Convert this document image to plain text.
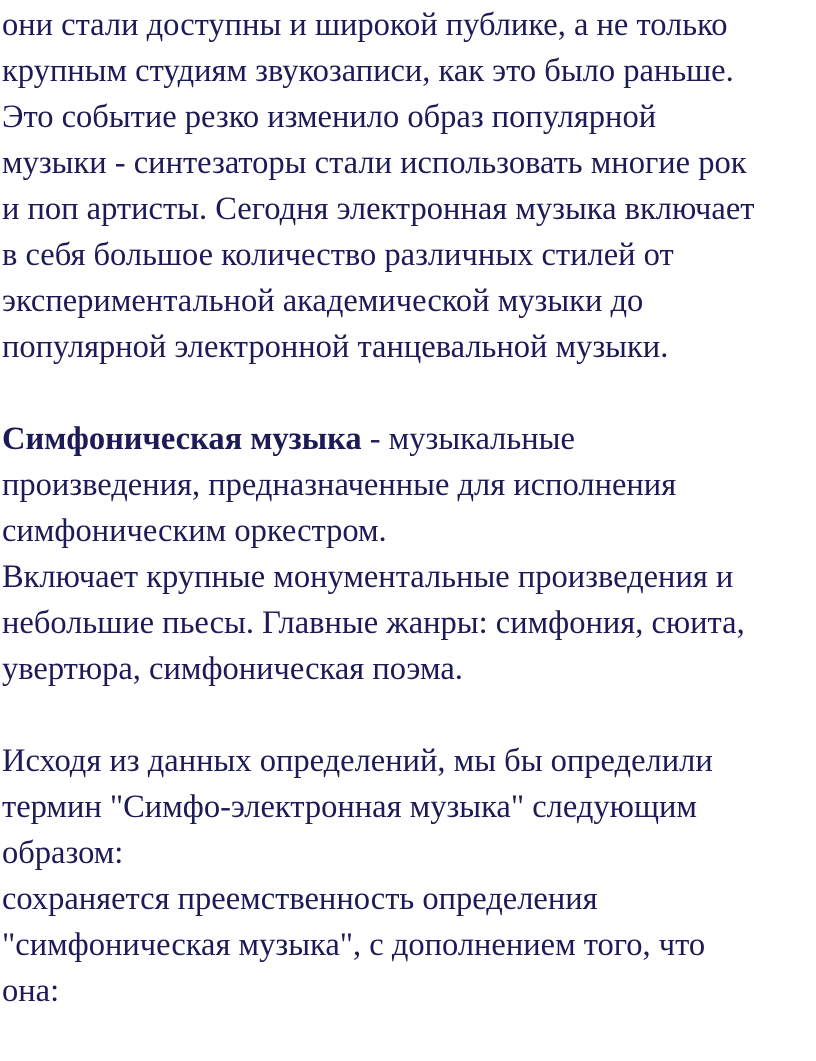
они стали доступны и широкой публике, а не только
крупным студиям звукозаписи, как это было раньше.
Это событие резко изменило образ популярной
музыки - синтезаторы стали использовать многие рок
и поп артисты. Сегодня электронная музыка включает
в себя большое количество различных стилей от
экспериментальной академической музыки до
популярной электронной танцевальной музыки.
Симфоническая музыка - музыкальные
произведения, предназначенные для исполнения
симфоническим оркестром.
Включает крупные монументальные произведения и
небольшие пьесы. Главные жанры: симфония, сюита,
увертюра, симфоническая поэма.
Исходя из данных определений, мы бы определили
термин "Симфо-электронная музыка" следующим
образом:
сохраняется преемственность определения
"симфоническая музыка", с дополнением того, что
она:
